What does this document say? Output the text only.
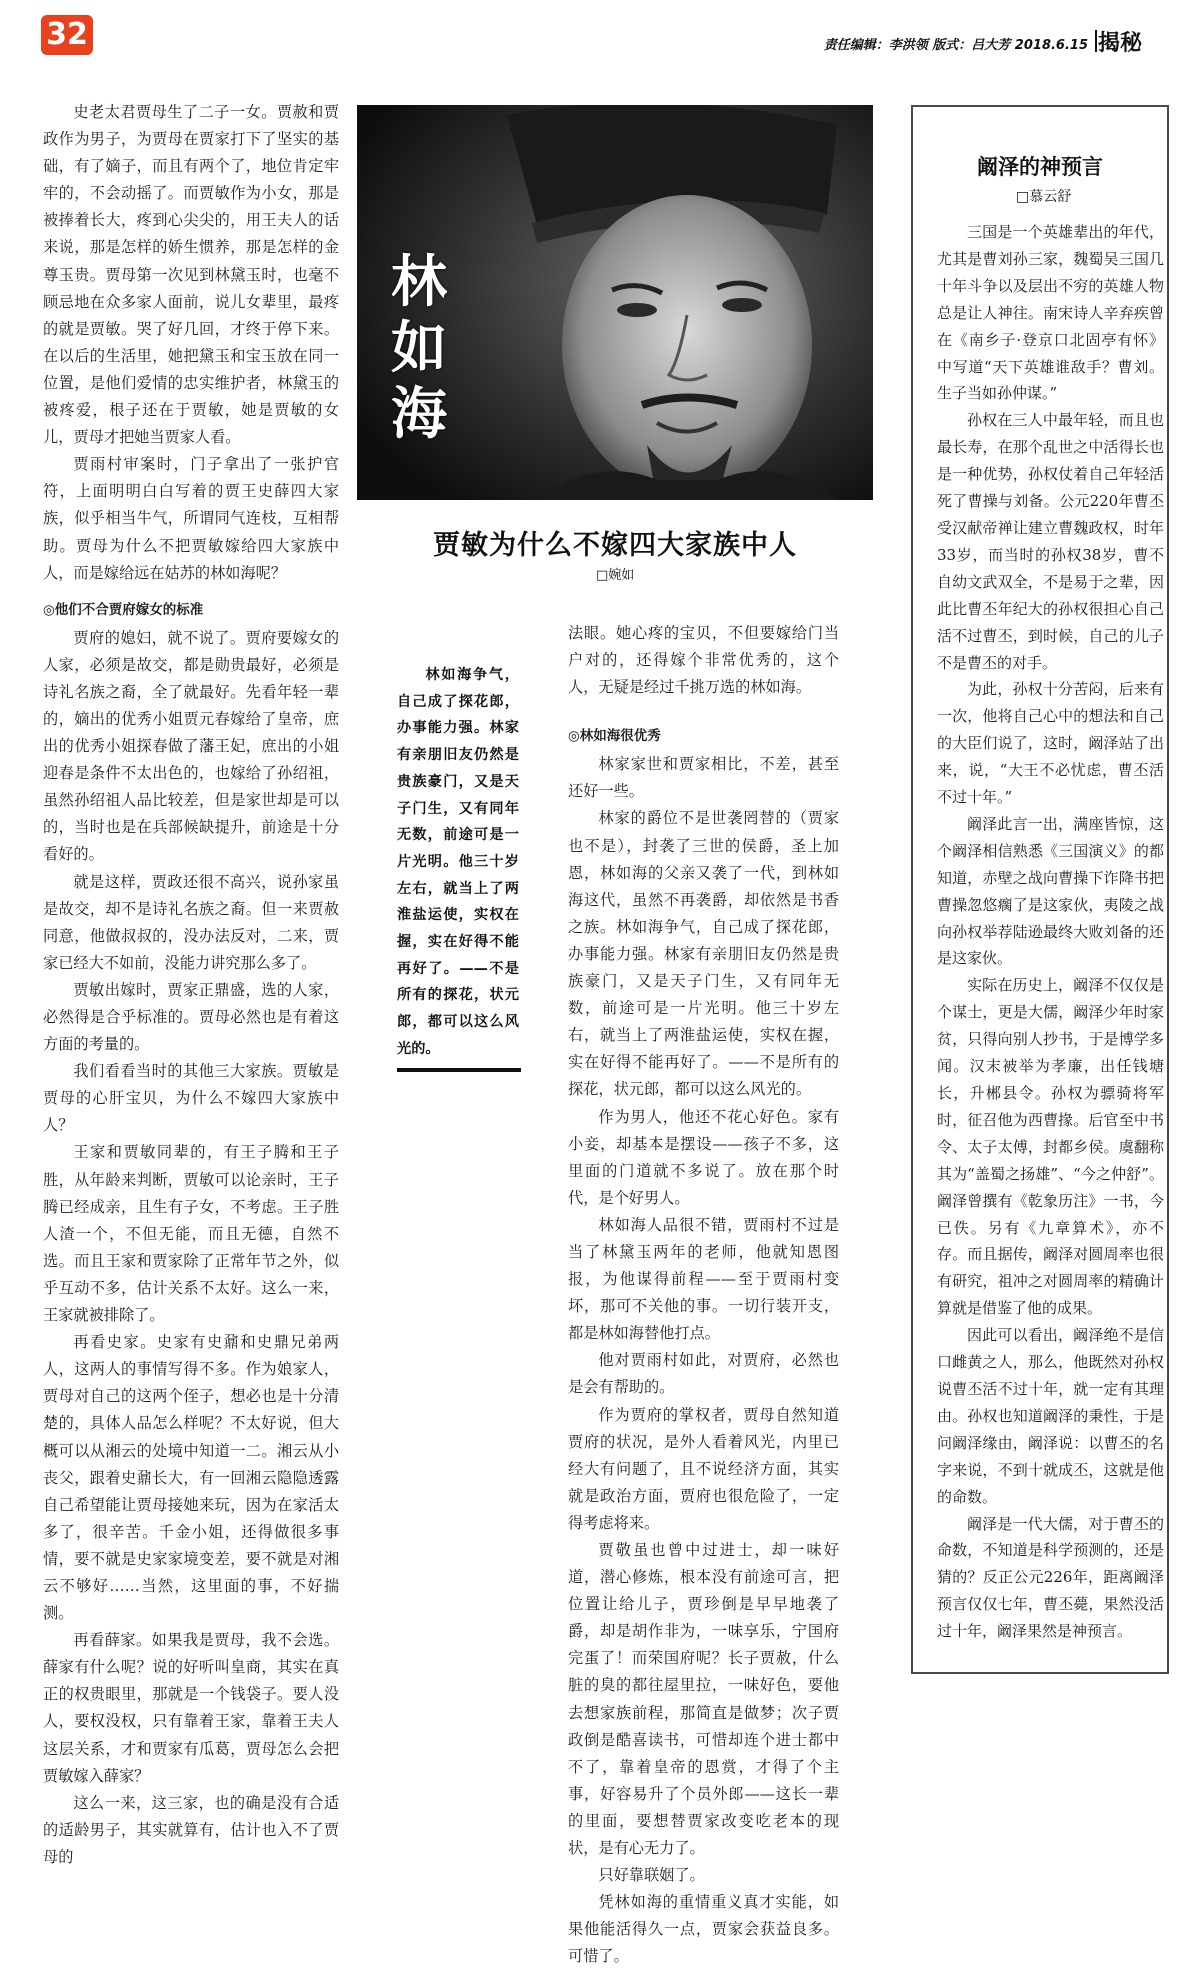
32	责任编辑：李洪领 版式：吕大芳 2018.6.15 揭秘

史老太君贾母生了二子一女。贾赦和贾政作为男子，为贾母在贾家打下了坚实的基础，有了嫡子，而且有两个了，地位肯定牢牢的，不会动摇了。而贾敏作为小女，那是被捧着长大，疼到心尖尖的，用王夫人的话来说，那是怎样的娇生惯养，那是怎样的金尊玉贵。贾母第一次见到林黛玉时，也毫不顾忌地在众多家人面前，说儿女辈里，最疼的就是贾敏。哭了好几回，才终于停下来。在以后的生活里，她把黛玉和宝玉放在同一位置，是他们爱情的忠实维护者，林黛玉的被疼爱，根子还在于贾敏，她是贾敏的女儿，贾母才把她当贾家人看。

贾雨村审案时，门子拿出了一张护官符，上面明明白白写着的贾王史薛四大家族，似乎相当牛气，所谓同气连枝，互相帮助。贾母为什么不把贾敏嫁给四大家族中人，而是嫁给远在姑苏的林如海呢？

◎他们不合贾府嫁女的标准

贾府的媳妇，就不说了。贾府要嫁女的人家，必须是故交，都是勋贵最好，必须是诗礼名族之裔，全了就最好。先看年轻一辈的，嫡出的优秀小姐贾元春嫁给了皇帝，庶出的优秀小姐探春做了藩王妃，庶出的小姐迎春是条件不太出色的，也嫁给了孙绍祖，虽然孙绍祖人品比较差，但是家世却是可以的，当时也是在兵部候缺提升，前途是十分看好的。

就是这样，贾政还很不高兴，说孙家虽是故交，却不是诗礼名族之裔。但一来贾赦同意，他做叔叔的，没办法反对，二来，贾家已经大不如前，没能力讲究那么多了。

贾敏出嫁时，贾家正鼎盛，选的人家，必然得是合乎标准的。贾母必然也是有着这方面的考量的。

我们看看当时的其他三大家族。贾敏是贾母的心肝宝贝，为什么不嫁四大家族中人？

王家和贾敏同辈的，有王子腾和王子胜，从年龄来判断，贾敏可以论亲时，王子腾已经成亲，且生有子女，不考虑。王子胜人渣一个，不但无能，而且无德，自然不选。而且王家和贾家除了正常年节之外，似乎互动不多，估计关系不太好。这么一来，王家就被排除了。

再看史家。史家有史鼐和史鼎兄弟两人，这两人的事情写得不多。作为娘家人，贾母对自己的这两个侄子，想必也是十分清楚的，具体人品怎么样呢？不太好说，但大概可以从湘云的处境中知道一二。湘云从小丧父，跟着史鼐长大，有一回湘云隐隐透露自己希望能让贾母接她来玩，因为在家活太多了，很辛苦。千金小姐，还得做很多事情，要不就是史家家境变差，要不就是对湘云不够好……当然，这里面的事，不好揣测。

再看薛家。如果我是贾母，我不会选。薛家有什么呢？说的好听叫皇商，其实在真正的权贵眼里，那就是一个钱袋子。要人没人，要权没权，只有靠着王家，靠着王夫人这层关系，才和贾家有瓜葛，贾母怎么会把贾敏嫁入薛家？

这么一来，这三家，也的确是没有合适的适龄男子，其实就算有，估计也入不了贾母的

林
如
海
贾敏为什么不嫁四大家族中人
□婉如
林如海争气，自己成了探花郎，办事能力强。林家有亲朋旧友仍然是贵族豪门，又是天子门生，又有同年无数，前途可是一片光明。他三十岁左右，就当上了两淮盐运使，实权在握，实在好得不能再好了。——不是所有的探花，状元郎，都可以这么风光的。

法眼。她心疼的宝贝，不但要嫁给门当户对的，还得嫁个非常优秀的，这个人，无疑是经过千挑万选的林如海。

◎林如海很优秀

林家家世和贾家相比，不差，甚至还好一些。

林家的爵位不是世袭罔替的（贾家也不是），封袭了三世的侯爵，圣上加恩，林如海的父亲又袭了一代，到林如海这代，虽然不再袭爵，却依然是书香之族。林如海争气，自己成了探花郎，办事能力强。林家有亲朋旧友仍然是贵族豪门，又是天子门生，又有同年无数，前途可是一片光明。他三十岁左右，就当上了两淮盐运使，实权在握，实在好得不能再好了。——不是所有的探花，状元郎，都可以这么风光的。

作为男人，他还不花心好色。家有小妾，却基本是摆设——孩子不多，这里面的门道就不多说了。放在那个时代，是个好男人。

林如海人品很不错，贾雨村不过是当了林黛玉两年的老师，他就知恩图报，为他谋得前程——至于贾雨村变坏，那可不关他的事。一切行装开支，都是林如海替他打点。

他对贾雨村如此，对贾府，必然也是会有帮助的。

作为贾府的掌权者，贾母自然知道贾府的状况，是外人看着风光，内里已经大有问题了，且不说经济方面，其实就是政治方面，贾府也很危险了，一定得考虑将来。

贾敬虽也曾中过进士，却一味好道，潜心修炼，根本没有前途可言，把位置让给儿子，贾珍倒是早早地袭了爵，却是胡作非为，一味享乐，宁国府完蛋了！而荣国府呢？长子贾赦，什么脏的臭的都往屋里拉，一味好色，要他去想家族前程，那简直是做梦；次子贾政倒是酷喜读书，可惜却连个进士都中不了，靠着皇帝的恩赏，才得了个主事，好容易升了个员外郎——这长一辈的里面，要想替贾家改变吃老本的现状，是有心无力了。

只好靠联姻了。

凭林如海的重情重义真才实能，如果他能活得久一点，贾家会获益良多。可惜了。

阚泽的神预言
□慕云舒

三国是一个英雄辈出的年代，尤其是曹刘孙三家，魏蜀吴三国几十年斗争以及层出不穷的英雄人物总是让人神往。南宋诗人辛弃疾曾在《南乡子·登京口北固亭有怀》中写道“天下英雄谁敌手？曹刘。生子当如孙仲谋。”

孙权在三人中最年轻，而且也最长寿，在那个乱世之中活得长也是一种优势，孙权仗着自己年轻活死了曹操与刘备。公元220年曹丕受汉献帝禅让建立曹魏政权，时年33岁，而当时的孙权38岁，曹不自幼文武双全，不是易于之辈，因此比曹丕年纪大的孙权很担心自己活不过曹丕，到时候，自己的儿子不是曹丕的对手。

为此，孙权十分苦闷，后来有一次，他将自己心中的想法和自己的大臣们说了，这时，阚泽站了出来，说，“大王不必忧虑，曹丕活不过十年。”

阚泽此言一出，满座皆惊，这个阚泽相信熟悉《三国演义》的都知道，赤壁之战向曹操下诈降书把曹操忽悠瘸了是这家伙，夷陵之战向孙权举荐陆逊最终大败刘备的还是这家伙。

实际在历史上，阚泽不仅仅是个谋士，更是大儒，阚泽少年时家贫，只得向别人抄书，于是博学多闻。汉末被举为孝廉，出任钱塘长，升郴县令。孙权为骠骑将军时，征召他为西曹掾。后官至中书令、太子太傅，封都乡侯。虞翻称其为“盖蜀之扬雄”、“今之仲舒”。阚泽曾撰有《乾象历注》一书，今已佚。另有《九章算术》，亦不存。而且据传，阚泽对圆周率也很有研究，祖冲之对圆周率的精确计算就是借鉴了他的成果。

因此可以看出，阚泽绝不是信口雌黄之人，那么，他既然对孙权说曹丕活不过十年，就一定有其理由。孙权也知道阚泽的秉性，于是问阚泽缘由，阚泽说：以曹丕的名字来说，不到十就成丕，这就是他的命数。

阚泽是一代大儒，对于曹丕的命数，不知道是科学预测的，还是猜的？反正公元226年，距离阚泽预言仅仅七年，曹丕薨，果然没活过十年，阚泽果然是神预言。
